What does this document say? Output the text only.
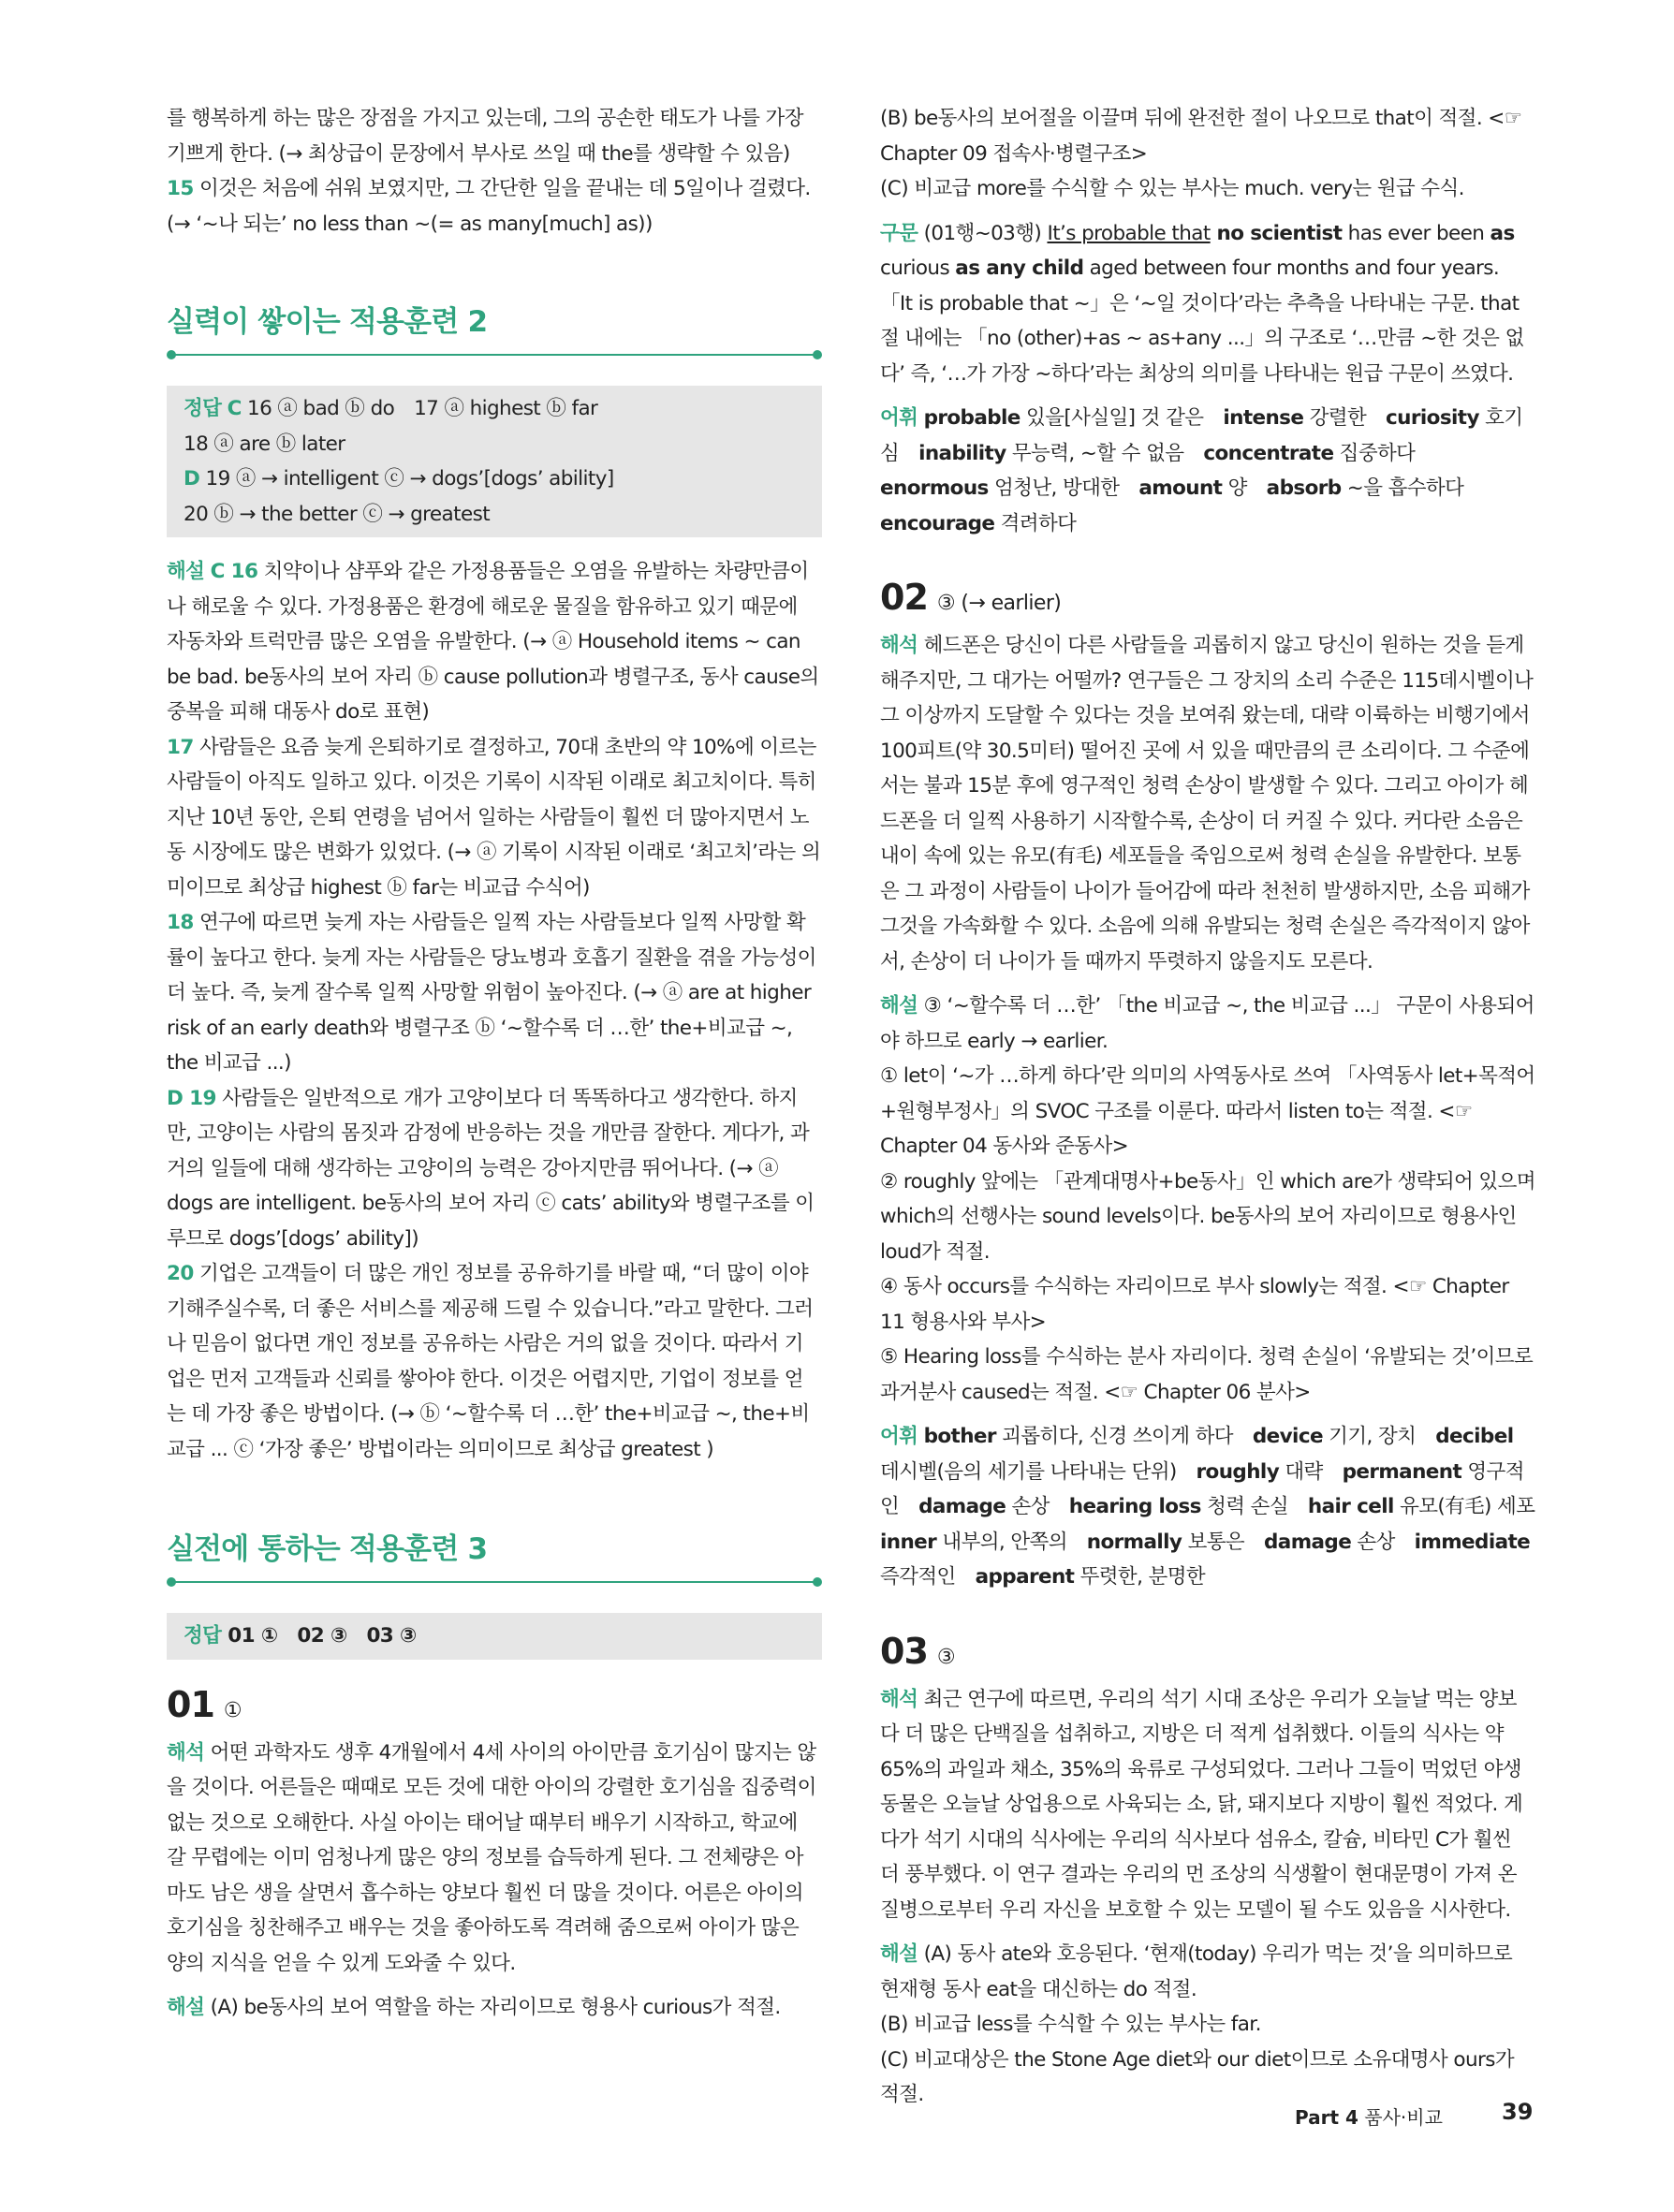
를 행복하게 하는 많은 장점을 가지고 있는데, 그의 공손한 태도가 나를 가장 기쁘게 한다. (→ 최상급이 문장에서 부사로 쓰일 때 the를 생략할 수 있음) 15 이것은 처음에 쉬워 보였지만, 그 간단한 일을 끝내는 데 5일이나 걸렸다. (→ ‘~나 되는’ no less than ~(= as many[much] as))

실력이 쌓이는 적용훈련 2
정답 C 16 ⓐ bad ⓑ do　17 ⓐ highest ⓑ far
18 ⓐ are ⓑ later
D 19 ⓐ → intelligent ⓒ → dogs’[dogs’ ability]
20 ⓑ → the better ⓒ → greatest

해설 C 16 치약이나 샴푸와 같은 가정용품들은 오염을 유발하는 차량만큼이나 해로울 수 있다. 가정용품은 환경에 해로운 물질을 함유하고 있기 때문에 자동차와 트럭만큼 많은 오염을 유발한다. (→ ⓐ Household items ~ can be bad. be동사의 보어 자리 ⓑ cause pollution과 병렬구조, 동사 cause의 중복을 피해 대동사 do로 표현)

17 사람들은 요즘 늦게 은퇴하기로 결정하고, 70대 초반의 약 10%에 이르는 사람들이 아직도 일하고 있다. 이것은 기록이 시작된 이래로 최고치이다. 특히 지난 10년 동안, 은퇴 연령을 넘어서 일하는 사람들이 훨씬 더 많아지면서 노동 시장에도 많은 변화가 있었다. (→ ⓐ 기록이 시작된 이래로 ‘최고치’라는 의미이므로 최상급 highest ⓑ far는 비교급 수식어)

18 연구에 따르면 늦게 자는 사람들은 일찍 자는 사람들보다 일찍 사망할 확률이 높다고 한다. 늦게 자는 사람들은 당뇨병과 호흡기 질환을 겪을 가능성이 더 높다. 즉, 늦게 잘수록 일찍 사망할 위험이 높아진다. (→ ⓐ are at higher risk of an early death와 병렬구조 ⓑ ‘~할수록 더 …한’ the+비교급 ~, the 비교급 ...)

D 19 사람들은 일반적으로 개가 고양이보다 더 똑똑하다고 생각한다. 하지만, 고양이는 사람의 몸짓과 감정에 반응하는 것을 개만큼 잘한다. 게다가, 과거의 일들에 대해 생각하는 고양이의 능력은 강아지만큼 뛰어나다. (→ ⓐ dogs are intelligent. be동사의 보어 자리 ⓒ cats’ ability와 병렬구조를 이루므로 dogs’[dogs’ ability])

20 기업은 고객들이 더 많은 개인 정보를 공유하기를 바랄 때, “더 많이 이야기해주실수록, 더 좋은 서비스를 제공해 드릴 수 있습니다.”라고 말한다. 그러나 믿음이 없다면 개인 정보를 공유하는 사람은 거의 없을 것이다. 따라서 기업은 먼저 고객들과 신뢰를 쌓아야 한다. 이것은 어렵지만, 기업이 정보를 얻는 데 가장 좋은 방법이다. (→ ⓑ ‘~할수록 더 …한’ the+비교급 ~, the+비교급 ... ⓒ ‘가장 좋은’ 방법이라는 의미이므로 최상급 greatest )

실전에 통하는 적용훈련 3
정답 01 ①　02 ③　03 ③

01 ①

해석 어떤 과학자도 생후 4개월에서 4세 사이의 아이만큼 호기심이 많지는 않을 것이다. 어른들은 때때로 모든 것에 대한 아이의 강렬한 호기심을 집중력이 없는 것으로 오해한다. 사실 아이는 태어날 때부터 배우기 시작하고, 학교에 갈 무렵에는 이미 엄청나게 많은 양의 정보를 습득하게 된다. 그 전체량은 아마도 남은 생을 살면서 흡수하는 양보다 훨씬 더 많을 것이다. 어른은 아이의 호기심을 칭찬해주고 배우는 것을 좋아하도록 격려해 줌으로써 아이가 많은 양의 지식을 얻을 수 있게 도와줄 수 있다.

해설 (A) be동사의 보어 역할을 하는 자리이므로 형용사 curious가 적절.

(B) be동사의 보어절을 이끌며 뒤에 완전한 절이 나오므로 that이 적절. <☞ Chapter 09 접속사·병렬구조>

(C) 비교급 more를 수식할 수 있는 부사는 much. very는 원급 수식.

구문 (01행~03행) It’s probable that no scientist has ever been as curious as any child aged between four months and four years.

「It is probable that ~」은 ‘~일 것이다’라는 추측을 나타내는 구문. that절 내에는 「no (other)+as ~ as+any ...」의 구조로 ‘…만큼 ~한 것은 없다’ 즉, ‘…가 가장 ~하다’라는 최상의 의미를 나타내는 원급 구문이 쓰였다.

어휘 probable 있을[사실일] 것 같은　intense 강렬한　curiosity 호기심　inability 무능력, ~할 수 없음　concentrate 집중하다　enormous 엄청난, 방대한　amount 양　absorb ~을 흡수하다　encourage 격려하다

02 ③ (→ earlier)

해석 헤드폰은 당신이 다른 사람들을 괴롭히지 않고 당신이 원하는 것을 듣게 해주지만, 그 대가는 어떨까? 연구들은 그 장치의 소리 수준은 115데시벨이나 그 이상까지 도달할 수 있다는 것을 보여줘 왔는데, 대략 이륙하는 비행기에서 100피트(약 30.5미터) 떨어진 곳에 서 있을 때만큼의 큰 소리이다. 그 수준에서는 불과 15분 후에 영구적인 청력 손상이 발생할 수 있다. 그리고 아이가 헤드폰을 더 일찍 사용하기 시작할수록, 손상이 더 커질 수 있다. 커다란 소음은 내이 속에 있는 유모(有毛) 세포들을 죽임으로써 청력 손실을 유발한다. 보통은 그 과정이 사람들이 나이가 들어감에 따라 천천히 발생하지만, 소음 피해가 그것을 가속화할 수 있다. 소음에 의해 유발되는 청력 손실은 즉각적이지 않아서, 손상이 더 나이가 들 때까지 뚜렷하지 않을지도 모른다.

해설 ③ ‘~할수록 더 …한’ 「the 비교급 ~, the 비교급 ...」 구문이 사용되어야 하므로 early → earlier.

① let이 ‘~가 …하게 하다’란 의미의 사역동사로 쓰여 「사역동사 let+목적어+원형부정사」의 SVOC 구조를 이룬다. 따라서 listen to는 적절. <☞ Chapter 04 동사와 준동사>

② roughly 앞에는 「관계대명사+be동사」인 which are가 생략되어 있으며 which의 선행사는 sound levels이다. be동사의 보어 자리이므로 형용사인 loud가 적절.

④ 동사 occurs를 수식하는 자리이므로 부사 slowly는 적절. <☞ Chapter 11 형용사와 부사>

⑤ Hearing loss를 수식하는 분사 자리이다. 청력 손실이 ‘유발되는 것’이므로 과거분사 caused는 적절. <☞ Chapter 06 분사>

어휘 bother 괴롭히다, 신경 쓰이게 하다　device 기기, 장치　decibel 데시벨(음의 세기를 나타내는 단위)　roughly 대략　permanent 영구적인　damage 손상　hearing loss 청력 손실　hair cell 유모(有毛) 세포　inner 내부의, 안쪽의　normally 보통은　damage 손상　immediate 즉각적인　apparent 뚜렷한, 분명한

03 ③

해석 최근 연구에 따르면, 우리의 석기 시대 조상은 우리가 오늘날 먹는 양보다 더 많은 단백질을 섭취하고, 지방은 더 적게 섭취했다. 이들의 식사는 약 65%의 과일과 채소, 35%의 육류로 구성되었다. 그러나 그들이 먹었던 야생 동물은 오늘날 상업용으로 사육되는 소, 닭, 돼지보다 지방이 훨씬 적었다. 게다가 석기 시대의 식사에는 우리의 식사보다 섬유소, 칼슘, 비타민 C가 훨씬 더 풍부했다. 이 연구 결과는 우리의 먼 조상의 식생활이 현대문명이 가져 온 질병으로부터 우리 자신을 보호할 수 있는 모델이 될 수도 있음을 시사한다.

해설 (A) 동사 ate와 호응된다. ‘현재(today) 우리가 먹는 것’을 의미하므로 현재형 동사 eat을 대신하는 do 적절.

(B) 비교급 less를 수식할 수 있는 부사는 far.

(C) 비교대상은 the Stone Age diet와 our diet이므로 소유대명사 ours가 적절.

Part 4 품사·비교	39
